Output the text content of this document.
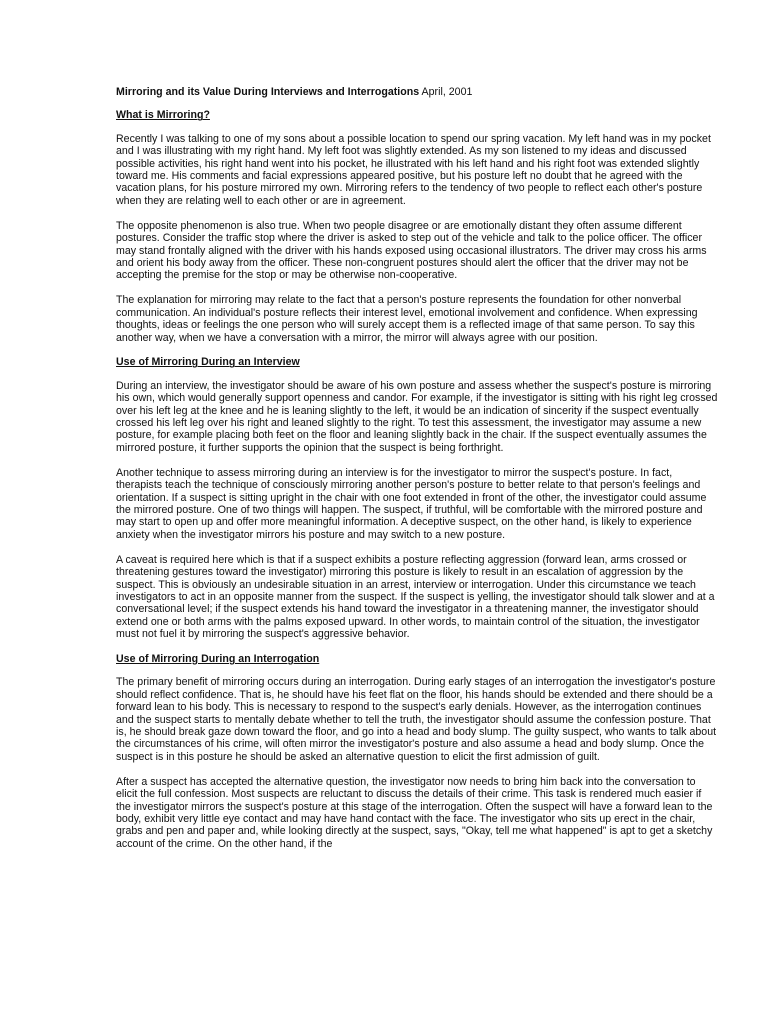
Mirroring and its Value During Interviews and Interrogations April, 2001
What is Mirroring?
Recently I was talking to one of my sons about a possible location to spend our spring vacation. My left hand was in my pocket and I was illustrating with my right hand. My left foot was slightly extended. As my son listened to my ideas and discussed possible activities, his right hand went into his pocket, he illustrated with his left hand and his right foot was extended slightly toward me. His comments and facial expressions appeared positive, but his posture left no doubt that he agreed with the vacation plans, for his posture mirrored my own. Mirroring refers to the tendency of two people to reflect each other's posture when they are relating well to each other or are in agreement.
The opposite phenomenon is also true. When two people disagree or are emotionally distant they often assume different postures. Consider the traffic stop where the driver is asked to step out of the vehicle and talk to the police officer. The officer may stand frontally aligned with the driver with his hands exposed using occasional illustrators. The driver may cross his arms and orient his body away from the officer. These non-congruent postures should alert the officer that the driver may not be accepting the premise for the stop or may be otherwise non-cooperative.
The explanation for mirroring may relate to the fact that a person's posture represents the foundation for other nonverbal communication. An individual's posture reflects their interest level, emotional involvement and confidence. When expressing thoughts, ideas or feelings the one person who will surely accept them is a reflected image of that same person. To say this another way, when we have a conversation with a mirror, the mirror will always agree with our position.
Use of Mirroring During an Interview
During an interview, the investigator should be aware of his own posture and assess whether the suspect's posture is mirroring his own, which would generally support openness and candor. For example, if the investigator is sitting with his right leg crossed over his left leg at the knee and he is leaning slightly to the left, it would be an indication of sincerity if the suspect eventually crossed his left leg over his right and leaned slightly to the right. To test this assessment, the investigator may assume a new posture, for example placing both feet on the floor and leaning slightly back in the chair. If the suspect eventually assumes the mirrored posture, it further supports the opinion that the suspect is being forthright.
Another technique to assess mirroring during an interview is for the investigator to mirror the suspect's posture. In fact, therapists teach the technique of consciously mirroring another person's posture to better relate to that person's feelings and orientation. If a suspect is sitting upright in the chair with one foot extended in front of the other, the investigator could assume the mirrored posture. One of two things will happen. The suspect, if truthful, will be comfortable with the mirrored posture and may start to open up and offer more meaningful information. A deceptive suspect, on the other hand, is likely to experience anxiety when the investigator mirrors his posture and may switch to a new posture.
A caveat is required here which is that if a suspect exhibits a posture reflecting aggression (forward lean, arms crossed or threatening gestures toward the investigator) mirroring this posture is likely to result in an escalation of aggression by the suspect. This is obviously an undesirable situation in an arrest, interview or interrogation. Under this circumstance we teach investigators to act in an opposite manner from the suspect. If the suspect is yelling, the investigator should talk slower and at a conversational level; if the suspect extends his hand toward the investigator in a threatening manner, the investigator should extend one or both arms with the palms exposed upward. In other words, to maintain control of the situation, the investigator must not fuel it by mirroring the suspect's aggressive behavior.
Use of Mirroring During an Interrogation
The primary benefit of mirroring occurs during an interrogation. During early stages of an interrogation the investigator's posture should reflect confidence. That is, he should have his feet flat on the floor, his hands should be extended and there should be a forward lean to his body. This is necessary to respond to the suspect's early denials. However, as the interrogation continues and the suspect starts to mentally debate whether to tell the truth, the investigator should assume the confession posture. That is, he should break gaze down toward the floor, and go into a head and body slump. The guilty suspect, who wants to talk about the circumstances of his crime, will often mirror the investigator's posture and also assume a head and body slump. Once the suspect is in this posture he should be asked an alternative question to elicit the first admission of guilt.
After a suspect has accepted the alternative question, the investigator now needs to bring him back into the conversation to elicit the full confession. Most suspects are reluctant to discuss the details of their crime. This task is rendered much easier if the investigator mirrors the suspect's posture at this stage of the interrogation. Often the suspect will have a forward lean to the body, exhibit very little eye contact and may have hand contact with the face. The investigator who sits up erect in the chair, grabs and pen and paper and, while looking directly at the suspect, says, "Okay, tell me what happened" is apt to get a sketchy account of the crime. On the other hand, if the
